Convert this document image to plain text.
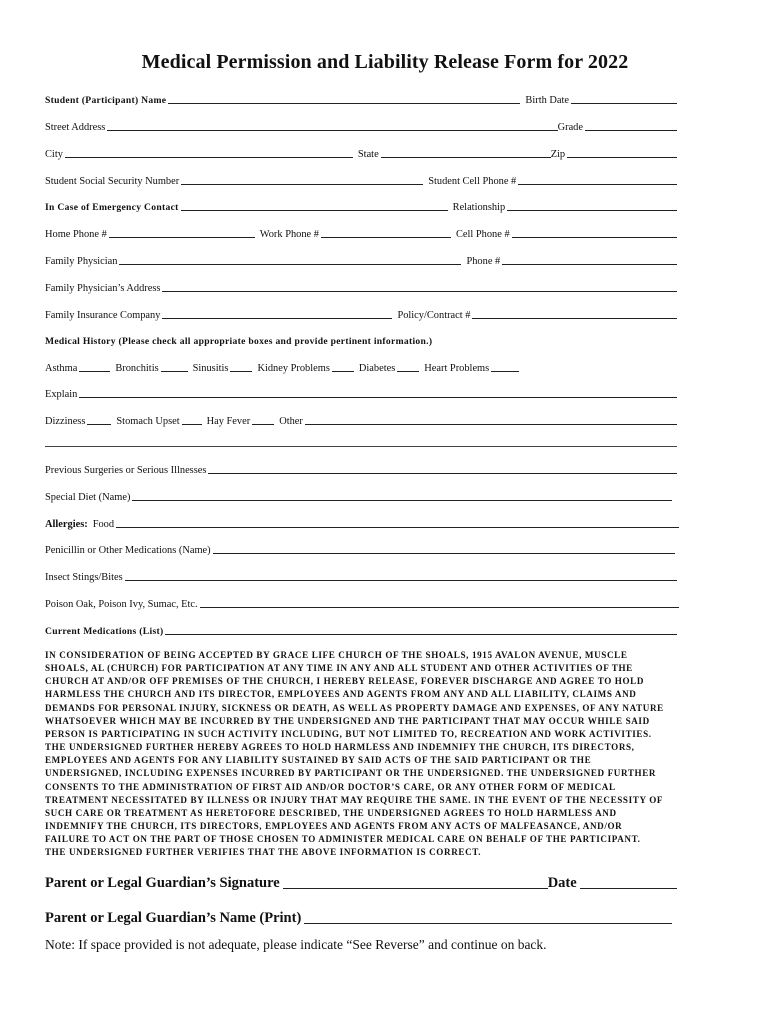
Medical Permission and Liability Release Form for 2022
Student (Participant) Name	Birth Date
Street Address	Grade
City	State	Zip
Student Social Security Number	Student Cell Phone #
In Case of Emergency Contact	Relationship
Home Phone #	Work Phone #	Cell Phone #
Family Physician	Phone #
Family Physician’s Address
Family Insurance Company	Policy/Contract #
Medical History (Please check all appropriate boxes and provide pertinent information.)
Asthma	Bronchitis	Sinusitis	Kidney Problems	Diabetes	Heart Problems
Explain
Dizziness	Stomach Upset	Hay Fever	Other
Previous Surgeries or Serious Illnesses
Special Diet (Name)
Allergies: Food
Penicillin or Other Medications (Name)
Insect Stings/Bites
Poison Oak, Poison Ivy, Sumac, Etc.
Current Medications (List)
IN CONSIDERATION OF BEING ACCEPTED BY GRACE LIFE CHURCH OF THE SHOALS, 1915 AVALON AVENUE, MUSCLE
SHOALS, AL (CHURCH) FOR PARTICIPATION AT ANY TIME IN ANY AND ALL STUDENT AND OTHER ACTIVITIES OF THE
CHURCH AT AND/OR OFF PREMISES OF THE CHURCH, I HEREBY RELEASE, FOREVER DISCHARGE AND AGREE TO HOLD
HARMLESS THE CHURCH AND ITS DIRECTOR, EMPLOYEES AND AGENTS FROM ANY AND ALL LIABILITY, CLAIMS AND
DEMANDS FOR PERSONAL INJURY, SICKNESS OR DEATH, AS WELL AS PROPERTY DAMAGE AND EXPENSES, OF ANY NATURE
WHATSOEVER WHICH MAY BE INCURRED BY THE UNDERSIGNED AND THE PARTICIPANT THAT MAY OCCUR WHILE SAID
PERSON IS PARTICIPATING IN SUCH ACTIVITY INCLUDING, BUT NOT LIMITED TO, RECREATION AND WORK ACTIVITIES.
THE UNDERSIGNED FURTHER HEREBY AGREES TO HOLD HARMLESS AND INDEMNIFY THE CHURCH, ITS DIRECTORS,
EMPLOYEES AND AGENTS FOR ANY LIABILITY SUSTAINED BY SAID ACTS OF THE SAID PARTICIPANT OR THE
UNDERSIGNED, INCLUDING EXPENSES INCURRED BY PARTICIPANT OR THE UNDERSIGNED. THE UNDERSIGNED FURTHER
CONSENTS TO THE ADMINISTRATION OF FIRST AID AND/OR DOCTOR’S CARE, OR ANY OTHER FORM OF MEDICAL
TREATMENT NECESSITATED BY ILLNESS OR INJURY THAT MAY REQUIRE THE SAME. IN THE EVENT OF THE NECESSITY OF
SUCH CARE OR TREATMENT AS HERETOFORE DESCRIBED, THE UNDERSIGNED AGREES TO HOLD HARMLESS AND
INDEMNIFY THE CHURCH, ITS DIRECTORS, EMPLOYEES AND AGENTS FROM ANY ACTS OF MALFEASANCE, AND/OR
FAILURE TO ACT ON THE PART OF THOSE CHOSEN TO ADMINISTER MEDICAL CARE ON BEHALF OF THE PARTICIPANT.
THE UNDERSIGNED FURTHER VERIFIES THAT THE ABOVE INFORMATION IS CORRECT.
Parent or Legal Guardian’s Signature	Date
Parent or Legal Guardian’s Name (Print)
Note: If space provided is not adequate, please indicate “See Reverse” and continue on back.
